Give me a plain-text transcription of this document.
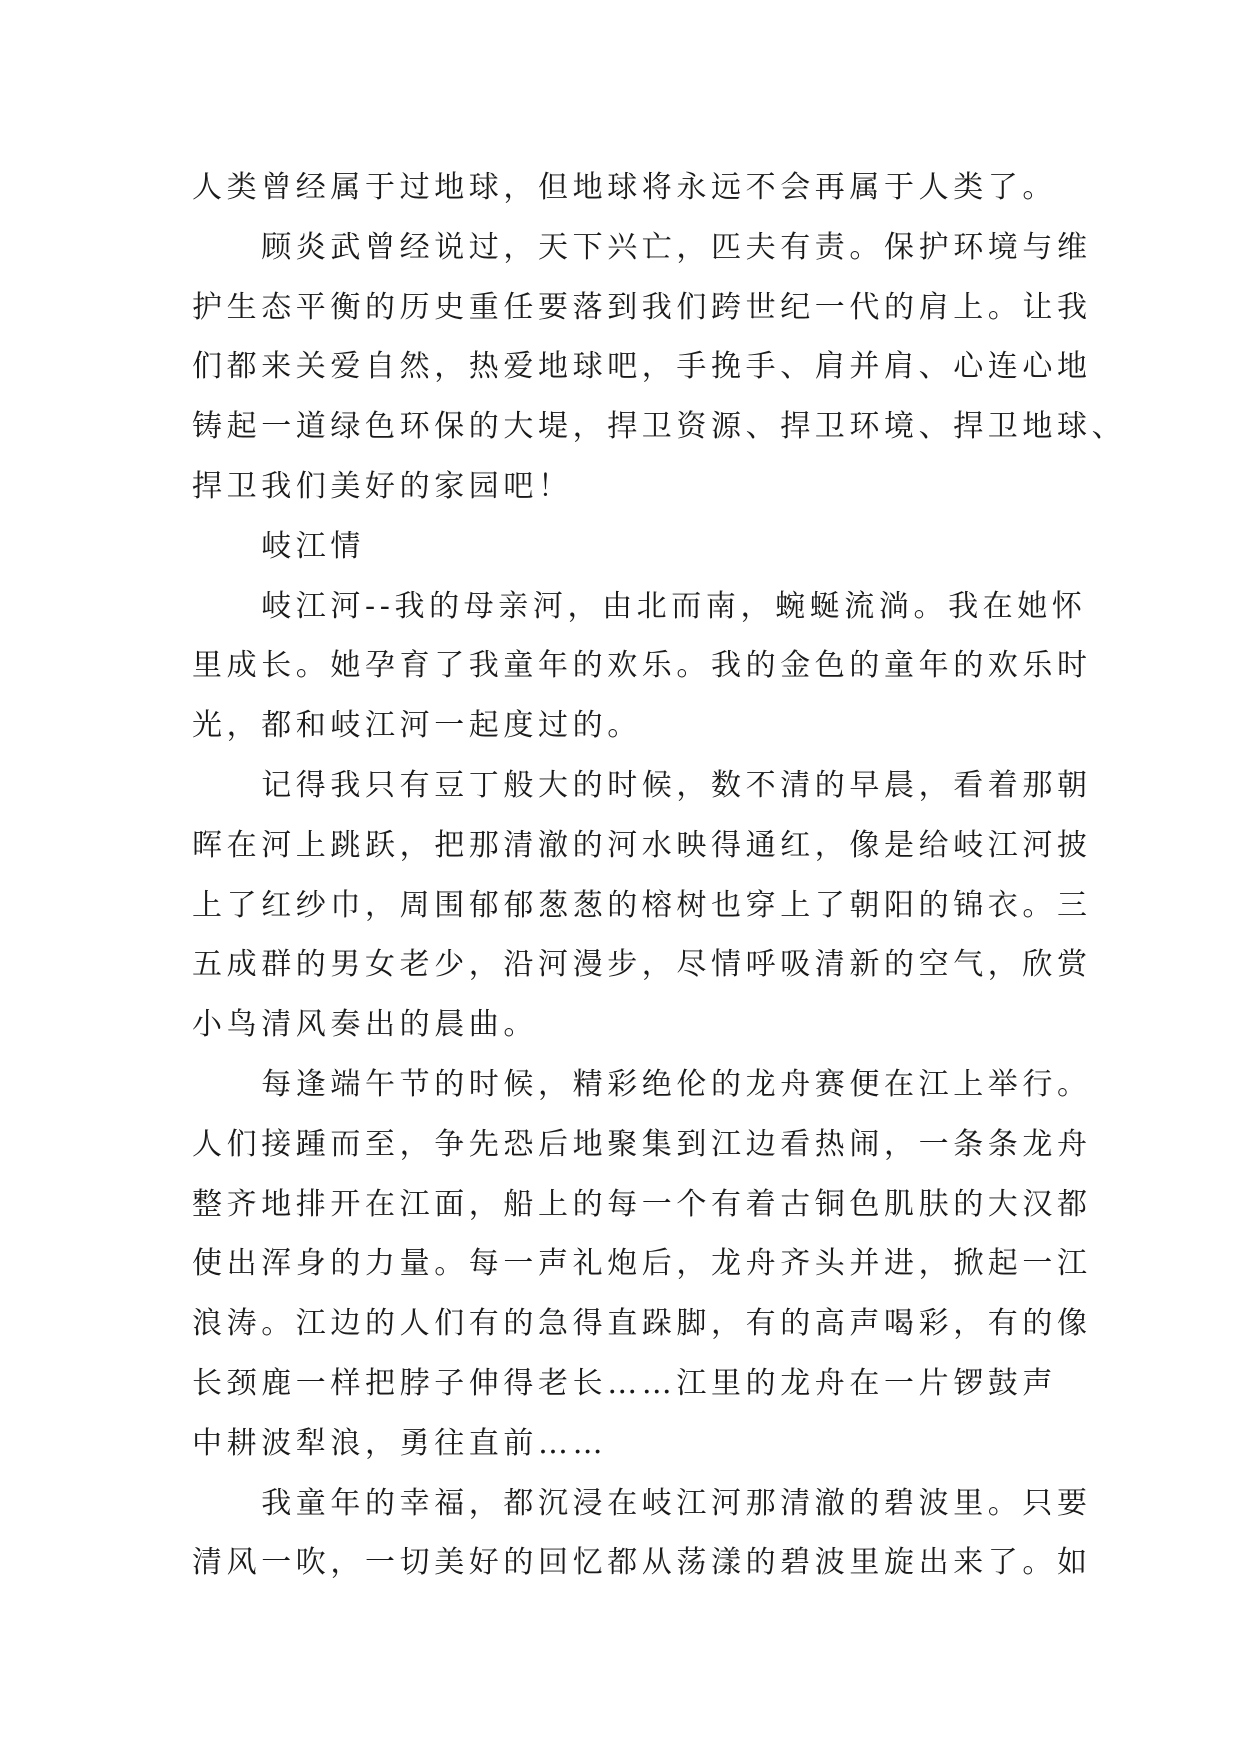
人类曾经属于过地球，但地球将永远不会再属于人类了。
　　顾炎武曾经说过，天下兴亡，匹夫有责。保护环境与维
护生态平衡的历史重任要落到我们跨世纪一代的肩上。让我
们都来关爱自然，热爱地球吧，手挽手、肩并肩、心连心地
铸起一道绿色环保的大堤，捍卫资源、捍卫环境、捍卫地球、
捍卫我们美好的家园吧！
　　岐江情
　　岐江河--我的母亲河，由北而南，蜿蜒流淌。我在她怀
里成长。她孕育了我童年的欢乐。我的金色的童年的欢乐时
光，都和岐江河一起度过的。
　　记得我只有豆丁般大的时候，数不清的早晨，看着那朝
晖在河上跳跃，把那清澈的河水映得通红，像是给岐江河披
上了红纱巾，周围郁郁葱葱的榕树也穿上了朝阳的锦衣。三
五成群的男女老少，沿河漫步，尽情呼吸清新的空气，欣赏
小鸟清风奏出的晨曲。
　　每逢端午节的时候，精彩绝伦的龙舟赛便在江上举行。
人们接踵而至，争先恐后地聚集到江边看热闹，一条条龙舟
整齐地排开在江面，船上的每一个有着古铜色肌肤的大汉都
使出浑身的力量。每一声礼炮后，龙舟齐头并进，掀起一江
浪涛。江边的人们有的急得直跺脚，有的高声喝彩，有的像
长颈鹿一样把脖子伸得老长……江里的龙舟在一片锣鼓声
中耕波犁浪，勇往直前……
　　我童年的幸福，都沉浸在岐江河那清澈的碧波里。只要
清风一吹，一切美好的回忆都从荡漾的碧波里旋出来了。如
